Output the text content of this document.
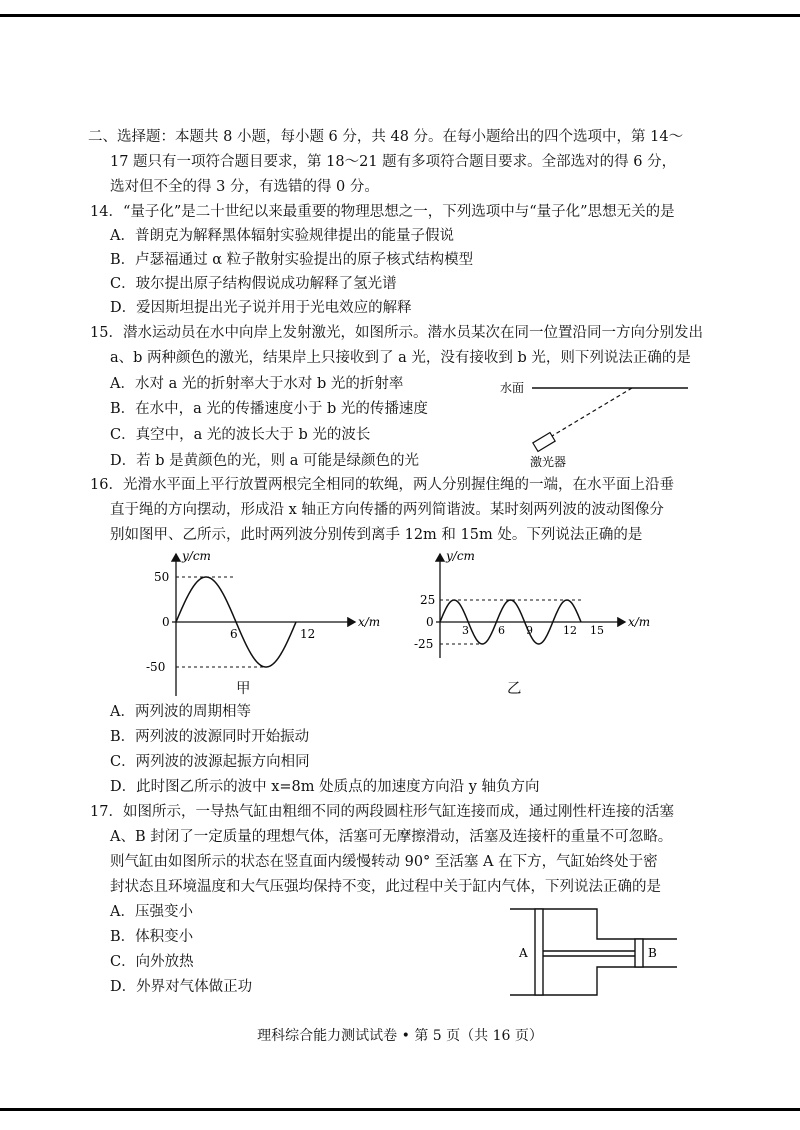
二、选择题：本题共 8 小题，每小题 6 分，共 48 分。在每小题给出的四个选项中，第 14～
17 题只有一项符合题目要求，第 18～21 题有多项符合题目要求。全部选对的得 6 分，
选对但不全的得 3 分，有选错的得 0 分。
14．“量子化”是二十世纪以来最重要的物理思想之一，下列选项中与“量子化”思想无关的是
A．普朗克为解释黑体辐射实验规律提出的能量子假说
B．卢瑟福通过 α 粒子散射实验提出的原子核式结构模型
C．玻尔提出原子结构假说成功解释了氢光谱
D．爱因斯坦提出光子说并用于光电效应的解释
15．潜水运动员在水中向岸上发射激光，如图所示。潜水员某次在同一位置沿同一方向分别发出
a、b 两种颜色的激光，结果岸上只接收到了 a 光，没有接收到 b 光，则下列说法正确的是
A．水对 a 光的折射率大于水对 b 光的折射率
B．在水中，a 光的传播速度小于 b 光的传播速度
C．真空中，a 光的波长大于 b 光的波长
D．若 b 是黄颜色的光，则 a 可能是绿颜色的光
水面
激光器
16．光滑水平面上平行放置两根完全相同的软绳，两人分别握住绳的一端，在水平面上沿垂
直于绳的方向摆动，形成沿 x 轴正方向传播的两列简谐波。某时刻两列波的波动图像分
别如图甲、乙所示，此时两列波分别传到离手 12m 和 15m 处。下列说法正确的是
y/cm
x/m
0
50
-50
6	12
甲
y/cm
x/m
0
25
-25
3	6 9	12 15
乙
A．两列波的周期相等
B．两列波的波源同时开始振动
C．两列波的波源起振方向相同
D．此时图乙所示的波中 x=8m 处质点的加速度方向沿 y 轴负方向
17．如图所示，一导热气缸由粗细不同的两段圆柱形气缸连接而成，通过刚性杆连接的活塞
A、B 封闭了一定质量的理想气体，活塞可无摩擦滑动，活塞及连接杆的重量不可忽略。
则气缸由如图所示的状态在竖直面内缓慢转动 90° 至活塞 A 在下方，气缸始终处于密
封状态且环境温度和大气压强均保持不变，此过程中关于缸内气体，下列说法正确的是
A．压强变小
B．体积变小
C．向外放热
D．外界对气体做正功
A	B
理科综合能力测试试卷 • 第 5 页（共 16 页）
